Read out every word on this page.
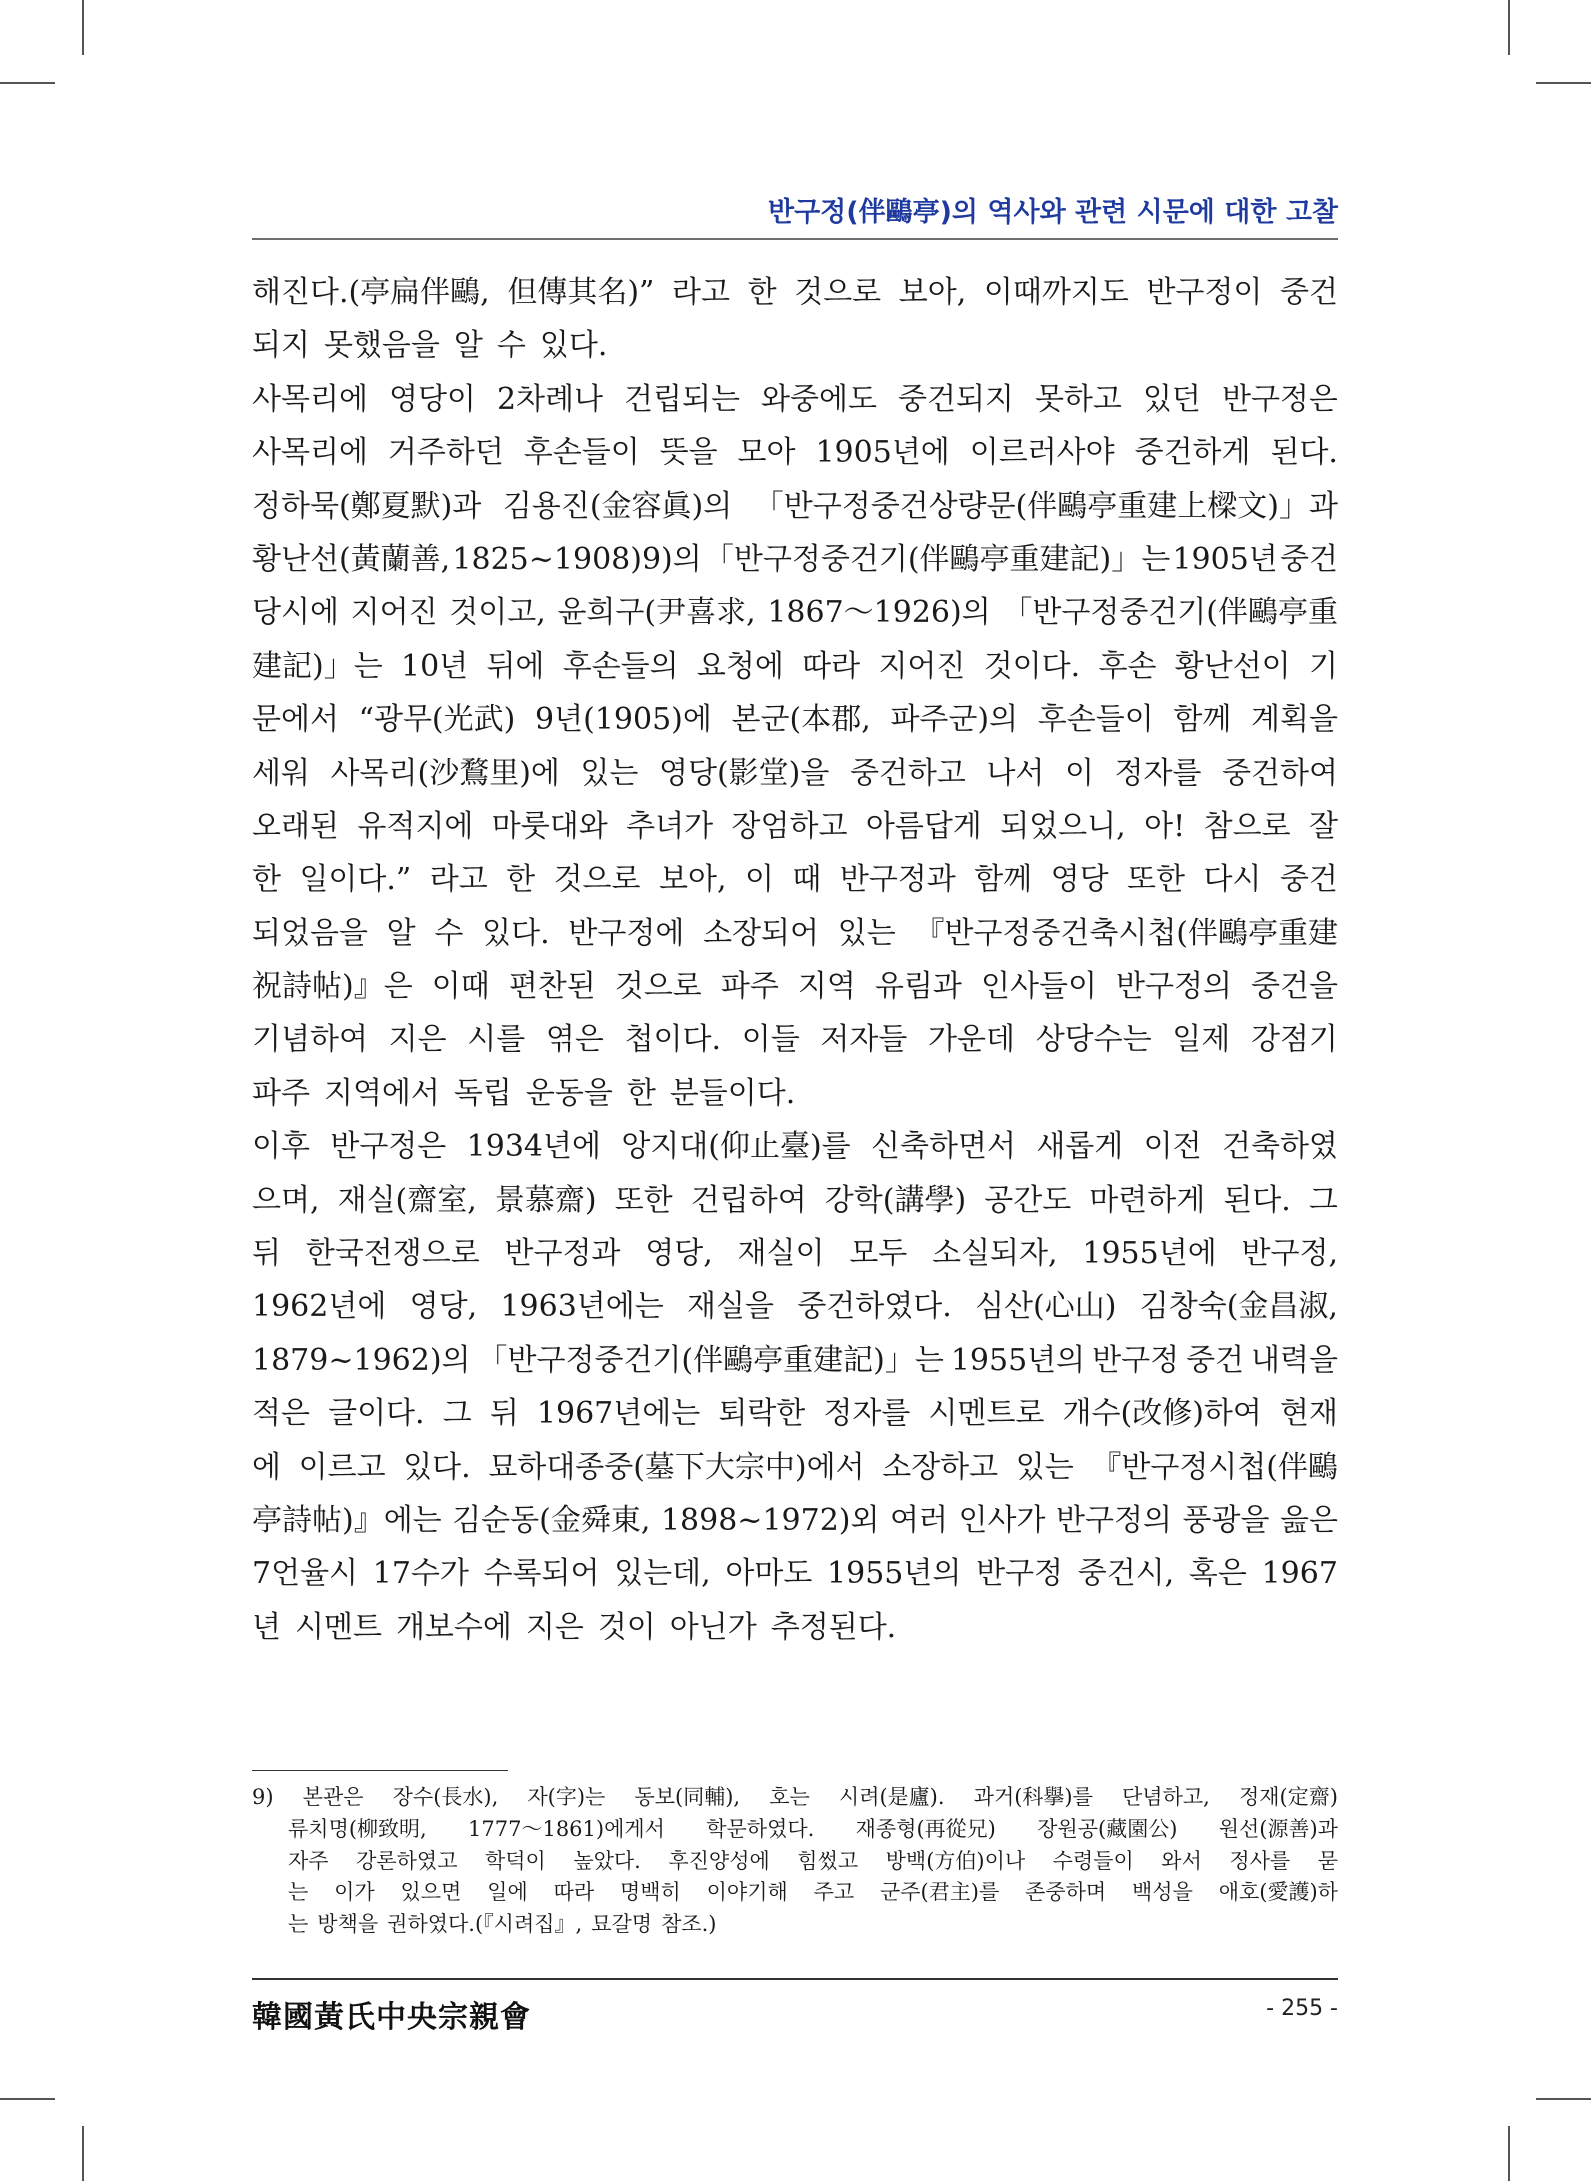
반구정(伴鷗亭)의 역사와 관련 시문에 대한 고찰
해진다.(亭扁伴鷗, 但傳其名)” 라고 한 것으로 보아, 이때까지도 반구정이 중건
되지 못했음을 알 수 있다.
사목리에 영당이 2차례나 건립되는 와중에도 중건되지 못하고 있던 반구정은
사목리에 거주하던 후손들이 뜻을 모아 1905년에 이르러사야 중건하게 된다.
정하묵(鄭夏默)과 김용진(金容眞)의 「반구정중건상량문(伴鷗亭重建上樑文)」과
황난선(黃蘭善, 1825~1908)9)의 「반구정중건기(伴鷗亭重建記)」는 1905년 중건
당시에 지어진 것이고, 윤희구(尹喜求, 1867～1926)의 「반구정중건기(伴鷗亭重
建記)」는 10년 뒤에 후손들의 요청에 따라 지어진 것이다. 후손 황난선이 기
문에서 “광무(光武) 9년(1905)에 본군(本郡, 파주군)의 후손들이 함께 계획을
세워 사목리(沙鶩里)에 있는 영당(影堂)을 중건하고 나서 이 정자를 중건하여
오래된 유적지에 마룻대와 추녀가 장엄하고 아름답게 되었으니, 아! 참으로 잘
한 일이다.” 라고 한 것으로 보아, 이 때 반구정과 함께 영당 또한 다시 중건
되었음을 알 수 있다. 반구정에 소장되어 있는 『반구정중건축시첩(伴鷗亭重建
祝詩帖)』은 이때 편찬된 것으로 파주 지역 유림과 인사들이 반구정의 중건을
기념하여 지은 시를 엮은 첩이다. 이들 저자들 가운데 상당수는 일제 강점기
파주 지역에서 독립 운동을 한 분들이다.
이후 반구정은 1934년에 앙지대(仰止臺)를 신축하면서 새롭게 이전 건축하였
으며, 재실(齋室, 景慕齋) 또한 건립하여 강학(講學) 공간도 마련하게 된다. 그
뒤 한국전쟁으로 반구정과 영당, 재실이 모두 소실되자, 1955년에 반구정,
1962년에 영당, 1963년에는 재실을 중건하였다. 심산(心山) 김창숙(金昌淑,
1879~1962)의 「반구정중건기(伴鷗亭重建記)」는 1955년의 반구정 중건 내력을
적은 글이다. 그 뒤 1967년에는 퇴락한 정자를 시멘트로 개수(改修)하여 현재
에 이르고 있다. 묘하대종중(墓下大宗中)에서 소장하고 있는 『반구정시첩(伴鷗
亭詩帖)』에는 김순동(金舜東, 1898~1972)외 여러 인사가 반구정의 풍광을 읊은
7언율시 17수가 수록되어 있는데, 아마도 1955년의 반구정 중건시, 혹은 1967
년 시멘트 개보수에 지은 것이 아닌가 추정된다.
9) 본관은 장수(長水), 자(字)는 동보(同輔), 호는 시려(是廬). 과거(科擧)를 단념하고, 정재(定齋)
류치명(柳致明, 1777～1861)에게서 학문하였다. 재종형(再從兄) 장원공(藏園公) 원선(源善)과
자주 강론하였고 학덕이 높았다. 후진양성에 힘썼고 방백(方伯)이나 수령들이 와서 정사를 묻
는 이가 있으면 일에 따라 명백히 이야기해 주고 군주(君主)를 존중하며 백성을 애호(愛護)하
는 방책을 권하였다.(『시려집』, 묘갈명 참조.)
韓國黃氏中央宗親會	- 255 -
